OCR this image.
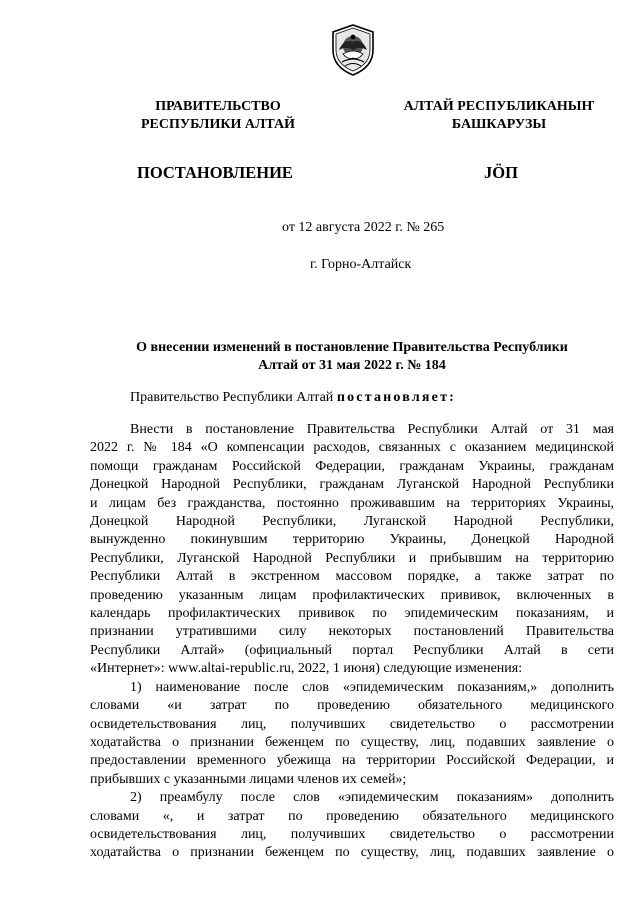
ПРАВИТЕЛЬСТВО
РЕСПУБЛИКИ АЛТАЙ
АЛТАЙ РЕСПУБЛИКАНЫҤ
БАШКАРУЗЫ
ПОСТАНОВЛЕНИЕ	JÖП
от 12 августа 2022 г. № 265
г. Горно-Алтайск
О внесении изменений в постановление Правительства Республики
Алтай от 31 мая 2022 г. № 184
Правительство Республики Алтай постановляет:
Внести в постановление Правительства Республики Алтай от 31 мая
2022 г. № 184 «О компенсации расходов, связанных с оказанием медицинской
помощи гражданам Российской Федерации, гражданам Украины, гражданам
Донецкой Народной Республики, гражданам Луганской Народной Республики
и лицам без гражданства, постоянно проживавшим на территориях Украины,
Донецкой Народной Республики, Луганской Народной Республики,
вынужденно покинувшим территорию Украины, Донецкой Народной
Республики, Луганской Народной Республики и прибывшим на территорию
Республики Алтай в экстренном массовом порядке, а также затрат по
проведению указанным лицам профилактических прививок, включенных в
календарь профилактических прививок по эпидемическим показаниям, и
признании утратившими силу некоторых постановлений Правительства
Республики Алтай» (официальный портал Республики Алтай в сети
«Интернет»: www.altai-republic.ru, 2022, 1 июня) следующие изменения:
1) наименование после слов «эпидемическим показаниям,» дополнить
словами «и затрат по проведению обязательного медицинского
освидетельствования лиц, получивших свидетельство о рассмотрении
ходатайства о признании беженцем по существу, лиц, подавших заявление о
предоставлении временного убежища на территории Российской Федерации, и
прибывших с указанными лицами членов их семей»;
2) преамбулу после слов «эпидемическим показаниям» дополнить
словами «, и затрат по проведению обязательного медицинского
освидетельствования лиц, получивших свидетельство о рассмотрении
ходатайства о признании беженцем по существу, лиц, подавших заявление о
